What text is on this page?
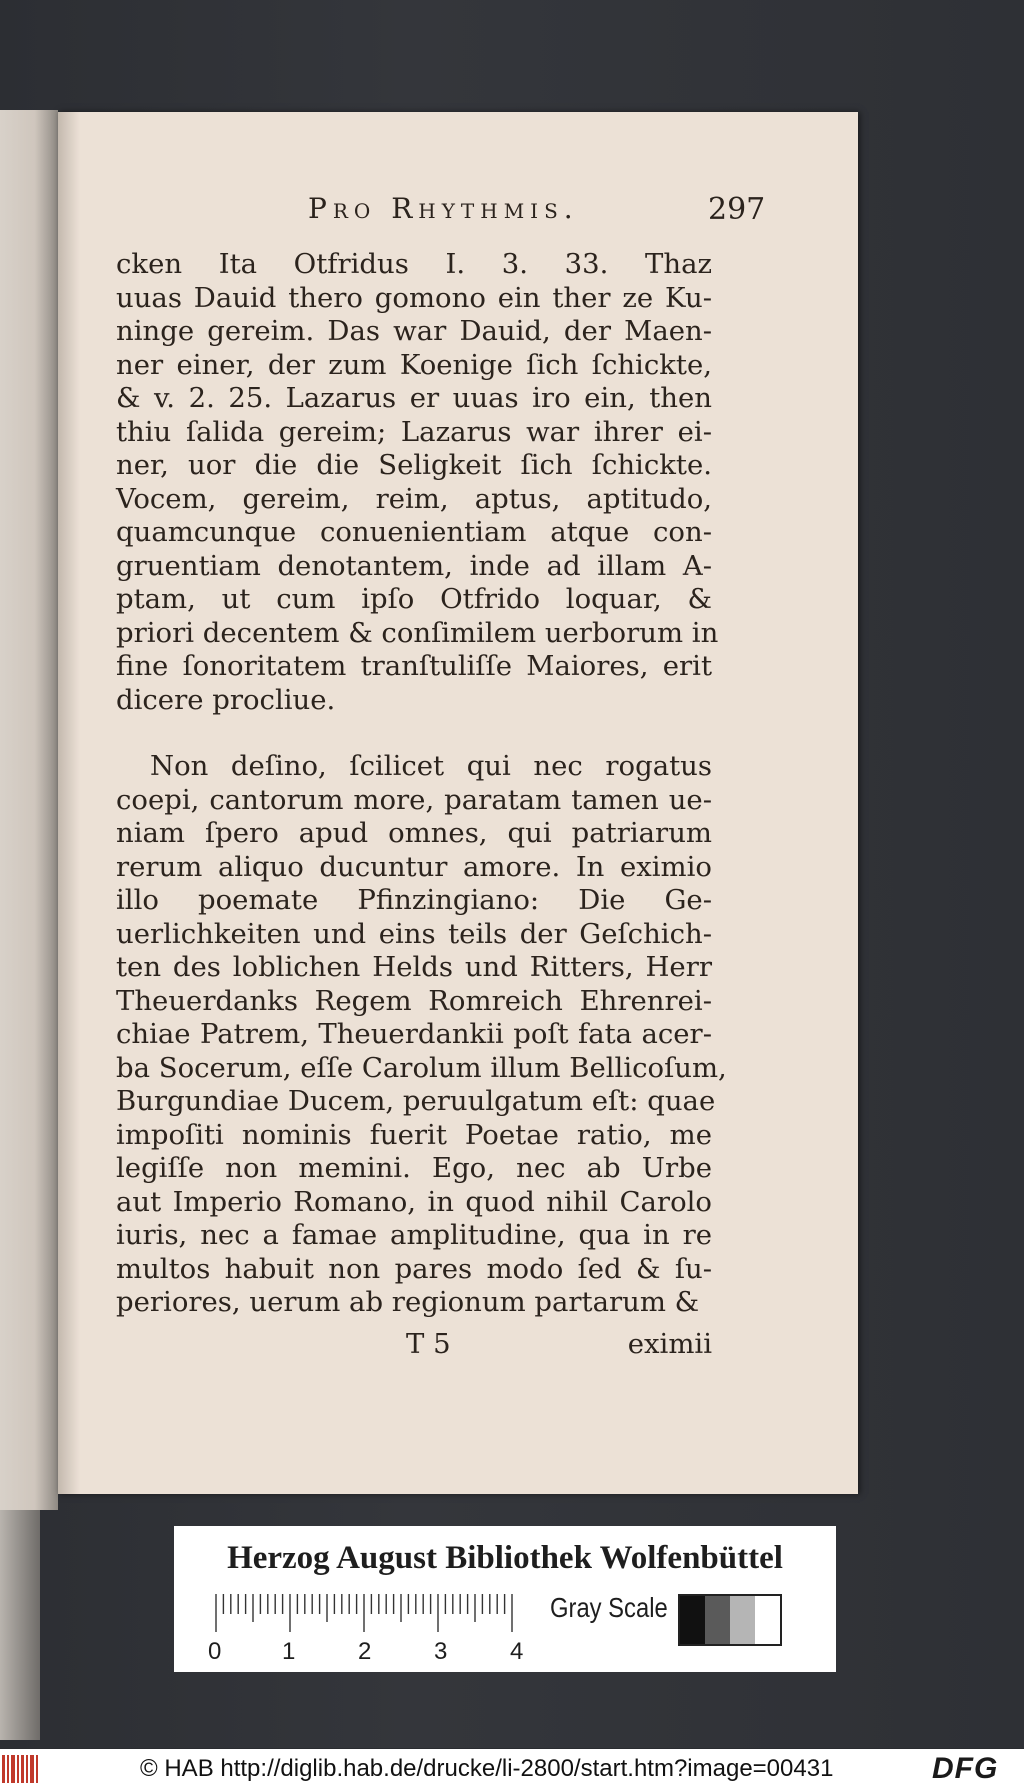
Pro Rhythmis.	297
cken Ita Otfridus I. 3. 33. Thaz
uuas Dauid thero gomono ein ther ze Ku-
ninge gereim. Das war Dauid, der Maen-
ner einer, der zum Koenige ſich ſchickte,
& v. 2. 25. Lazarus er uuas iro ein, then
thiu ſalida gereim; Lazarus war ihrer ei-
ner, uor die die Seligkeit ſich ſchickte.
Vocem, gereim, reim, aptus, aptitudo,
quamcunque conuenientiam atque con-
gruentiam denotantem, inde ad illam A-
ptam, ut cum ipſo Otfrido loquar, &
priori decentem & conſimilem uerborum in
fine ſonoritatem tranſtuliſſe Maiores, erit
dicere procliue.
Non deſino, ſcilicet qui nec rogatus
coepi, cantorum more, paratam tamen ue-
niam ſpero apud omnes, qui patriarum
rerum aliquo ducuntur amore. In eximio
illo poemate Pfinzingiano: Die Ge-
uerlichkeiten und eins teils der Geſchich-
ten des loblichen Helds und Ritters, Herr
Theuerdanks Regem Romreich Ehrenrei-
chiae Patrem, Theuerdankii poſt fata acer-
ba Socerum, eſſe Carolum illum Bellicoſum,
Burgundiae Ducem, peruulgatum eſt: quae
impoſiti nominis fuerit Poetae ratio, me
legiſſe non memini. Ego, nec ab Urbe
aut Imperio Romano, in quod nihil Carolo
iuris, nec a famae amplitudine, qua in re
multos habuit non pares modo ſed & ſu-
periores, uerum ab regionum partarum &
T 5	eximii
Herzog August Bibliothek Wolfenbüttel
0	1	2	3	4
Gray Scale
© HAB http://diglib.hab.de/drucke/li-2800/start.htm?image=00431	DFG
